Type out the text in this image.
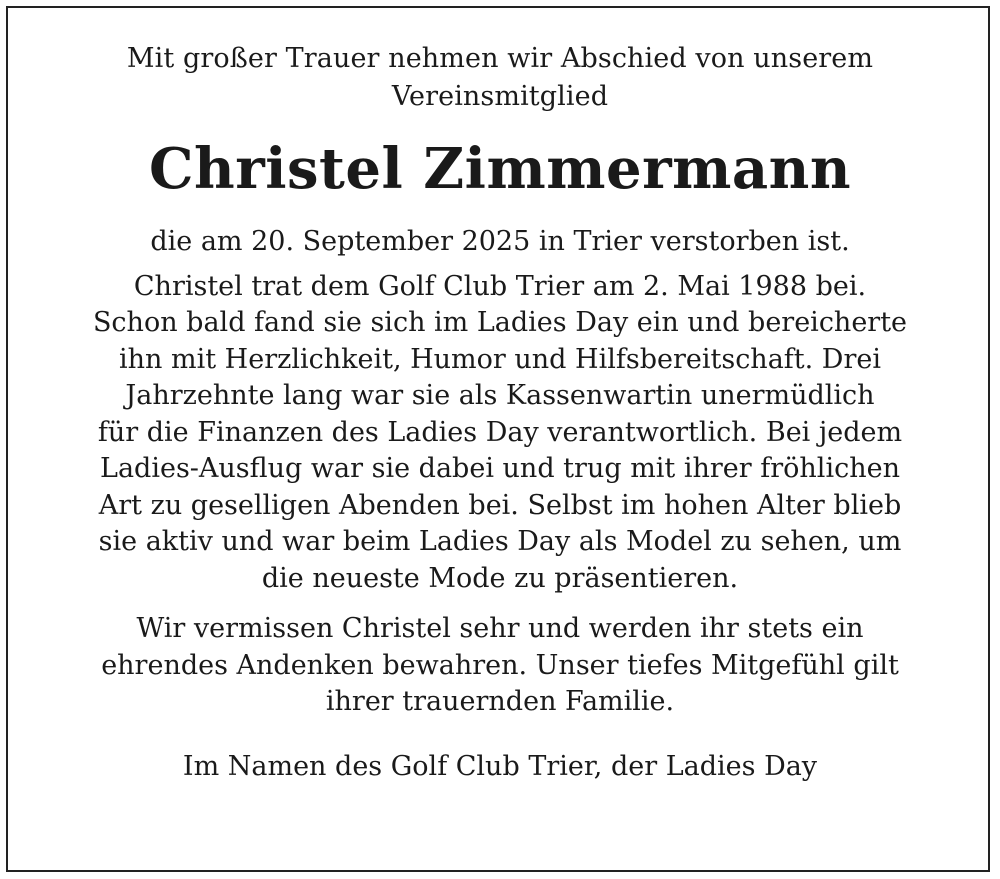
Mit großer Trauer nehmen wir Abschied von unserem
Vereinsmitglied

Christel Zimmermann

die am 20. September 2025 in Trier verstorben ist.

Christel trat dem Golf Club Trier am 2. Mai 1988 bei.
Schon bald fand sie sich im Ladies Day ein und bereicherte
ihn mit Herzlichkeit, Humor und Hilfsbereitschaft. Drei
Jahrzehnte lang war sie als Kassenwartin unermüdlich
für die Finanzen des Ladies Day verantwortlich. Bei jedem
Ladies-Ausflug war sie dabei und trug mit ihrer fröhlichen
Art zu geselligen Abenden bei. Selbst im hohen Alter blieb
sie aktiv und war beim Ladies Day als Model zu sehen, um
die neueste Mode zu präsentieren.

Wir vermissen Christel sehr und werden ihr stets ein
ehrendes Andenken bewahren. Unser tiefes Mitgefühl gilt
ihrer trauernden Familie.

Im Namen des Golf Club Trier, der Ladies Day
